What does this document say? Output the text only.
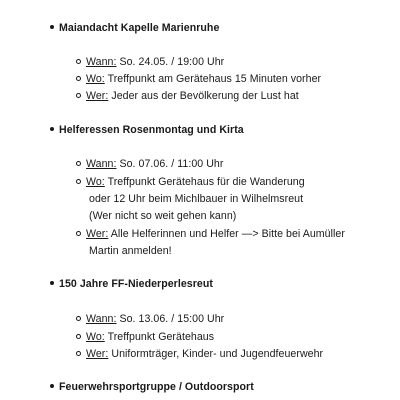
Maiandacht Kapelle Marienruhe
Wann: So. 24.05. / 19:00 Uhr
Wo: Treffpunkt am Gerätehaus 15 Minuten vorher
Wer: Jeder aus der Bevölkerung der Lust hat
Helferessen Rosenmontag und Kirta
Wann: So. 07.06. / 11:00 Uhr
Wo: Treffpunkt Gerätehaus für die Wanderung
oder 12 Uhr beim Michlbauer in Wilhelmsreut
(Wer nicht so weit gehen kann)
Wer: Alle Helferinnen und Helfer —> Bitte bei Aumüller
Martin anmelden!
150 Jahre FF-Niederperlesreut
Wann: So. 13.06. / 15:00 Uhr
Wo: Treffpunkt Gerätehaus
Wer: Uniformträger, Kinder- und Jugendfeuerwehr
Feuerwehrsportgruppe / Outdoorsport
